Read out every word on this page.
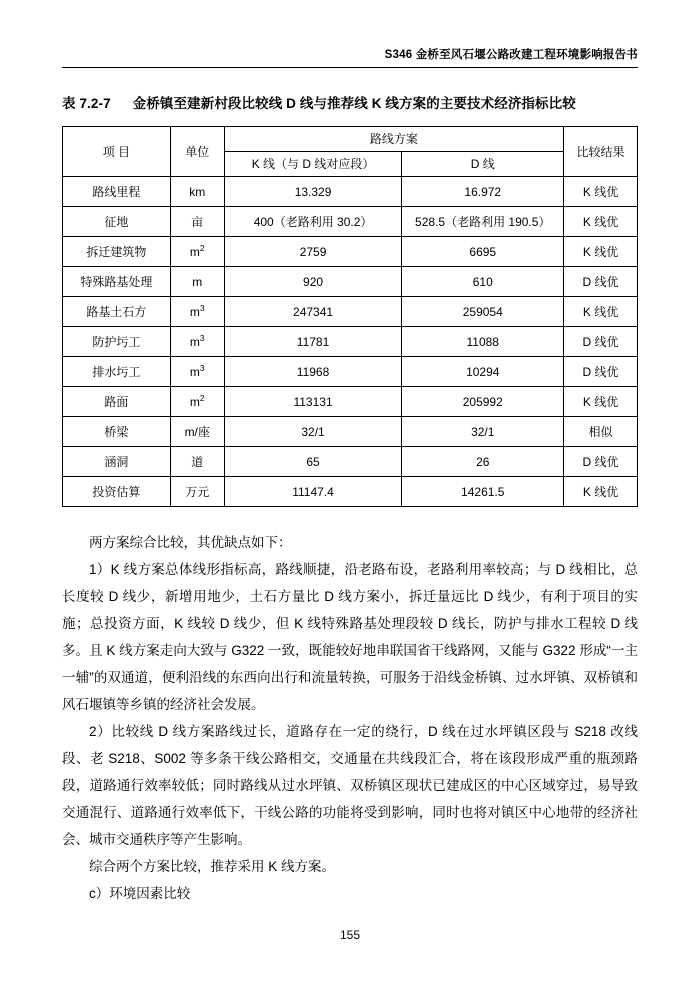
S346 金桥至风石堰公路改建工程环境影响报告书
表 7.2-7 金桥镇至建新村段比较线 D 线与推荐线 K 线方案的主要技术经济指标比较
项 目	单位	路线方案		比较结果
		K 线（与 D 线对应段）	D 线	
路线里程	km	13.329	16.972	K 线优
征地	亩	400（老路利用 30.2）	528.5（老路利用 190.5）	K 线优
拆迁建筑物	$m^2$	2759	6695	K 线优
特殊路基处理	m	920	610	D 线优
路基土石方	$m^3$	247341	259054	K 线优
防护圬工	$m^3$	11781	11088	D 线优
排水圬工	$m^3$	11968	10294	D 线优
路面	$m^2$	113131	205992	K 线优
桥梁	m/座	32/1	32/1	相似
涵洞	道	65	26	D 线优
投资估算	万元	11147.4	14261.5	K 线优

两方案综合比较，其优缺点如下：

1）K 线方案总体线形指标高，路线顺捷，沿老路布设，老路利用率较高；与 D 线相比，总长度较 D 线少，新增用地少，土石方量比 D 线方案小，拆迁量远比 D 线少，有利于项目的实施；总投资方面，K 线较 D 线少，但 K 线特殊路基处理段较 D 线长，防护与排水工程较 D 线多。且 K 线方案走向大致与 G322 一致，既能较好地串联国省干线路网，又能与 G322 形成“一主一辅”的双通道，便利沿线的东西向出行和流量转换，可服务于沿线金桥镇、过水坪镇、双桥镇和风石堰镇等乡镇的经济社会发展。

2）比较线 D 线方案路线过长，道路存在一定的绕行，D 线在过水坪镇区段与 S218 改线段、老 S218、S002 等多条干线公路相交，交通量在共线段汇合，将在该段形成严重的瓶颈路段，道路通行效率较低；同时路线从过水坪镇、双桥镇区现状已建成区的中心区域穿过，易导致交通混行、道路通行效率低下，干线公路的功能将受到影响，同时也将对镇区中心地带的经济社会、城市交通秩序等产生影响。

综合两个方案比较，推荐采用 K 线方案。

c）环境因素比较

155
